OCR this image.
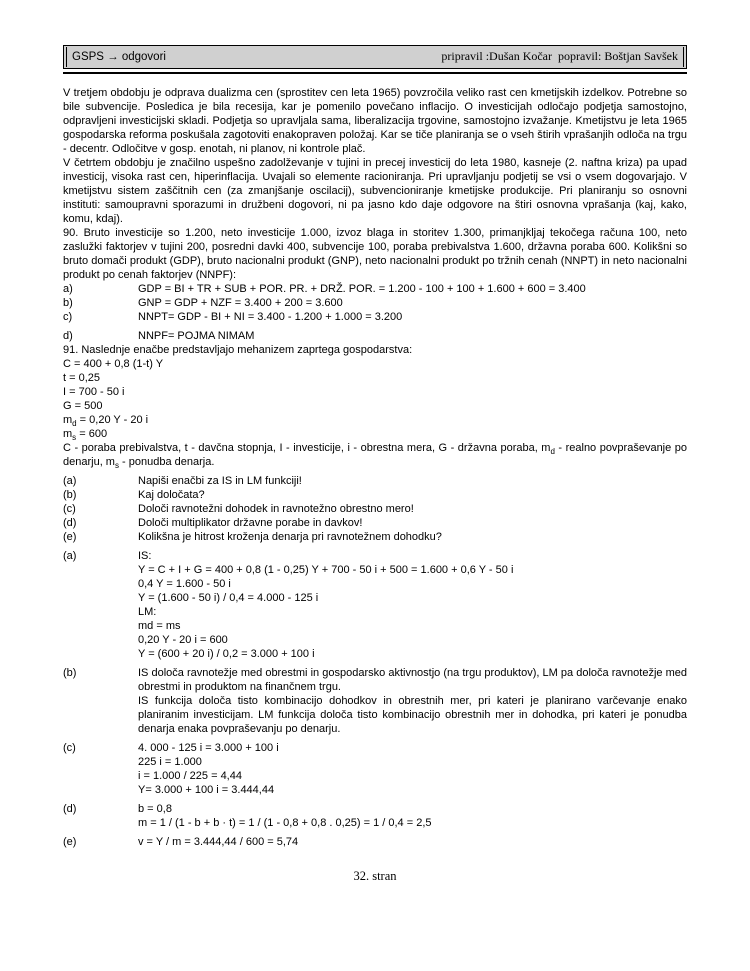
GSPS → odgovori	pripravil :Dušan Kočar  popravil: Boštjan Savšek

V tretjem obdobju je odprava dualizma cen (sprostitev cen leta 1965) povzročila veliko rast cen kmetijskih izdelkov. Potrebne so bile subvencije. Posledica je bila recesija, kar je pomenilo povečano inflacijo. O investicijah odločajo podjetja samostojno, odpravljeni investicijski skladi. Podjetja so upravljala sama, liberalizacija trgovine, samostojno izvažanje. Kmetijstvu je leta 1965 gospodarska reforma poskušala zagotoviti enakopraven položaj. Kar se tiče planiranja se o vseh štirih vprašanjih odloča na trgu - decentr. Odločitve v gosp. enotah, ni planov, ni kontrole plač.

V četrtem obdobju je značilno uspešno zadolževanje v tujini in precej investicij do leta 1980, kasneje (2. naftna kriza) pa upad investicij, visoka rast cen, hiperinflacija. Uvajali so elemente racioniranja. Pri upravljanju podjetij se vsi o vsem dogovarjajo. V kmetijstvu sistem zaščitnih cen (za zmanjšanje oscilacij), subvencioniranje kmetijske produkcije. Pri planiranju so osnovni instituti: samoupravni sporazumi in družbeni dogovori, ni pa jasno kdo daje odgovore na štiri osnovna vprašanja (kaj, kako, komu, kdaj).

90. Bruto investicije so 1.200, neto investicije 1.000, izvoz blaga in storitev 1.300, primanjkljaj tekočega računa 100, neto zaslužki faktorjev v tujini 200, posredni davki 400, subvencije 100, poraba prebivalstva 1.600, državna poraba 600. Kolikšni so bruto domači produkt (GDP), bruto nacionalni produkt (GNP), neto nacionalni produkt po tržnih cenah (NNPT) in neto nacionalni produkt po cenah faktorjev (NNPF):

a)	GDP = BI + TR + SUB + POR. PR. + DRŽ. POR. = 1.200 - 100 + 100 + 1.600 + 600 = 3.400
b)	GNP = GDP + NZF = 3.400 + 200 = 3.600
c)	NNPT= GDP - BI + NI = 3.400 - 1.200 + 1.000 = 3.200
d)	NNPF= POJMA NIMAM
91. Naslednje enačbe predstavljajo mehanizem zaprtega gospodarstva:
C = 400 + 0,8 (1-t) Y
t = 0,25
I = 700 - 50 i
G = 500
$m_d = 0,20$ Y - 20 i
$m_s = 600$

C - poraba prebivalstva, t - davčna stopnja, I - investicije, i - obrestna mera, G - državna poraba, $m_d$ - realno povpraševanje po denarju, $m_s$ - ponudba denarja.

(a)	Napiši enačbi za IS in LM funkciji!
(b)	Kaj določata?
(c)	Določi ravnotežni dohodek in ravnotežno obrestno mero!
(d)	Določi multiplikator državne porabe in davkov!
(e)	Kolikšna je hitrost kroženja denarja pri ravnotežnem dohodku?
(a)	IS:
Y = C + I + G = 400 + 0,8 (1 - 0,25) Y + 700 - 50 i + 500 = 1.600 + 0,6 Y - 50 i
0,4 Y = 1.600 - 50 i
Y = (1.600 - 50 i) / 0,4 = 4.000 - 125 i
LM:
md = ms
0,20 Y - 20 i = 600
Y = (600 + 20 i) / 0,2 = 3.000 + 100 i
(b)	IS določa ravnotežje med obrestmi in gospodarsko aktivnostjo (na trgu produktov), LM pa določa ravnotežje med obrestmi in produktom na finančnem trgu.

IS funkcija določa tisto kombinacijo dohodkov in obrestnih mer, pri kateri je planirano varčevanje enako planiranim investicijam. LM funkcija določa tisto kombinacijo obrestnih mer in dohodka, pri kateri je ponudba denarja enaka povpraševanju po denarju.

(c)	4. 000 - 125 i = 3.000 + 100 i
225 i = 1.000
i = 1.000 / 225 = 4,44
Y= 3.000 + 100 i = 3.444,44
(d)	b = 0,8
m = 1 / (1 - b + b · t) = 1 / (1 - 0,8 + 0,8 . 0,25) = 1 / 0,4 = 2,5
(e)	v = Y / m = 3.444,44 / 600 = 5,74
32. stran
